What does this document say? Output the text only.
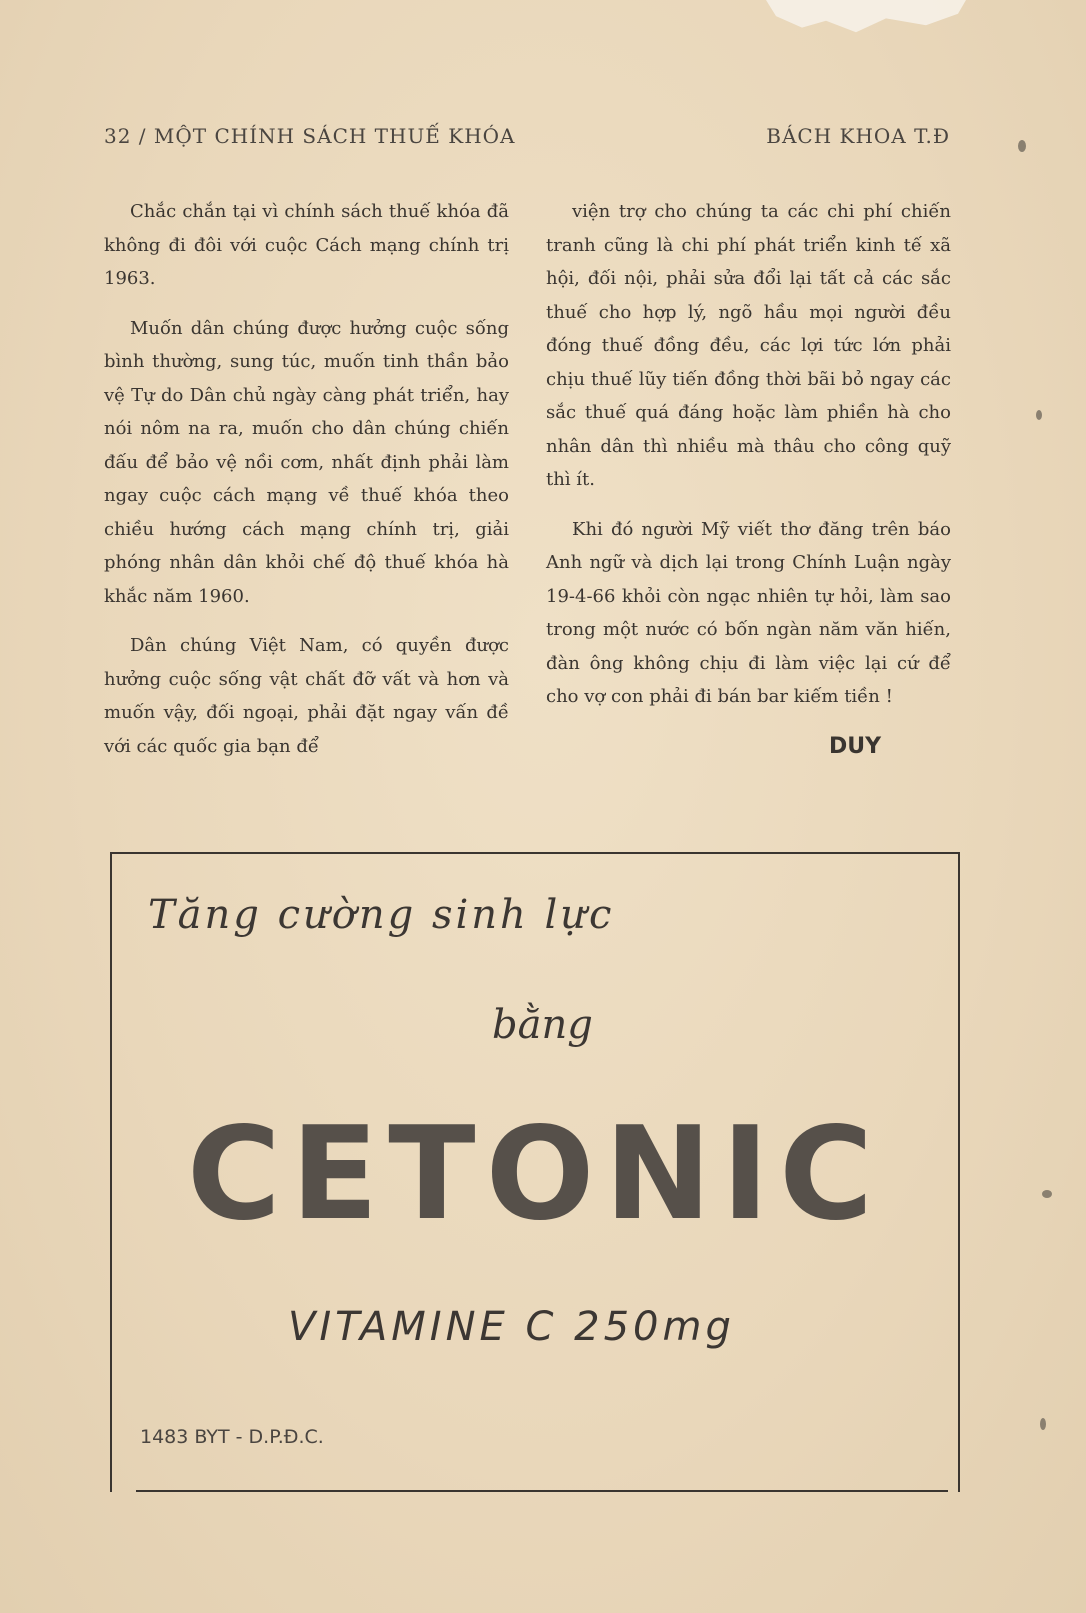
32 / MỘT CHÍNH SÁCH THUẾ KHÓA	BÁCH KHOA T.Đ

Chắc chắn tại vì chính sách thuế khóa đã không đi đôi với cuộc Cách mạng chính trị 1963.

Muốn dân chúng được hưởng cuộc sống bình thường, sung túc, muốn tinh thần bảo vệ Tự do Dân chủ ngày càng phát triển, hay nói nôm na ra, muốn cho dân chúng chiến đấu để bảo vệ nồi cơm, nhất định phải làm ngay cuộc cách mạng về thuế khóa theo chiều hướng cách mạng chính trị, giải phóng nhân dân khỏi chế độ thuế khóa hà khắc năm 1960.

Dân chúng Việt Nam, có quyền được hưởng cuộc sống vật chất đỡ vất và hơn và muốn vậy, đối ngoại, phải đặt ngay vấn đề với các quốc gia bạn để

viện trợ cho chúng ta các chi phí chiến tranh cũng là chi phí phát triển kinh tế xã hội, đối nội, phải sửa đổi lại tất cả các sắc thuế cho hợp lý, ngõ hầu mọi người đều đóng thuế đồng đều, các lợi tức lớn phải chịu thuế lũy tiến đồng thời bãi bỏ ngay các sắc thuế quá đáng hoặc làm phiền hà cho nhân dân thì nhiều mà thâu cho công quỹ thì ít.

Khi đó người Mỹ viết thơ đăng trên báo Anh ngữ và dịch lại trong Chính Luận ngày 19-4-66 khỏi còn ngạc nhiên tự hỏi, làm sao trong một nước có bốn ngàn năm văn hiến, đàn ông không chịu đi làm việc lại cứ để cho vợ con phải đi bán bar kiếm tiền !

DUY
Tăng cường sinh lực
bằng
CETONIC
VITAMINE C 250mg
1483 BYT - D.P.Đ.C.
